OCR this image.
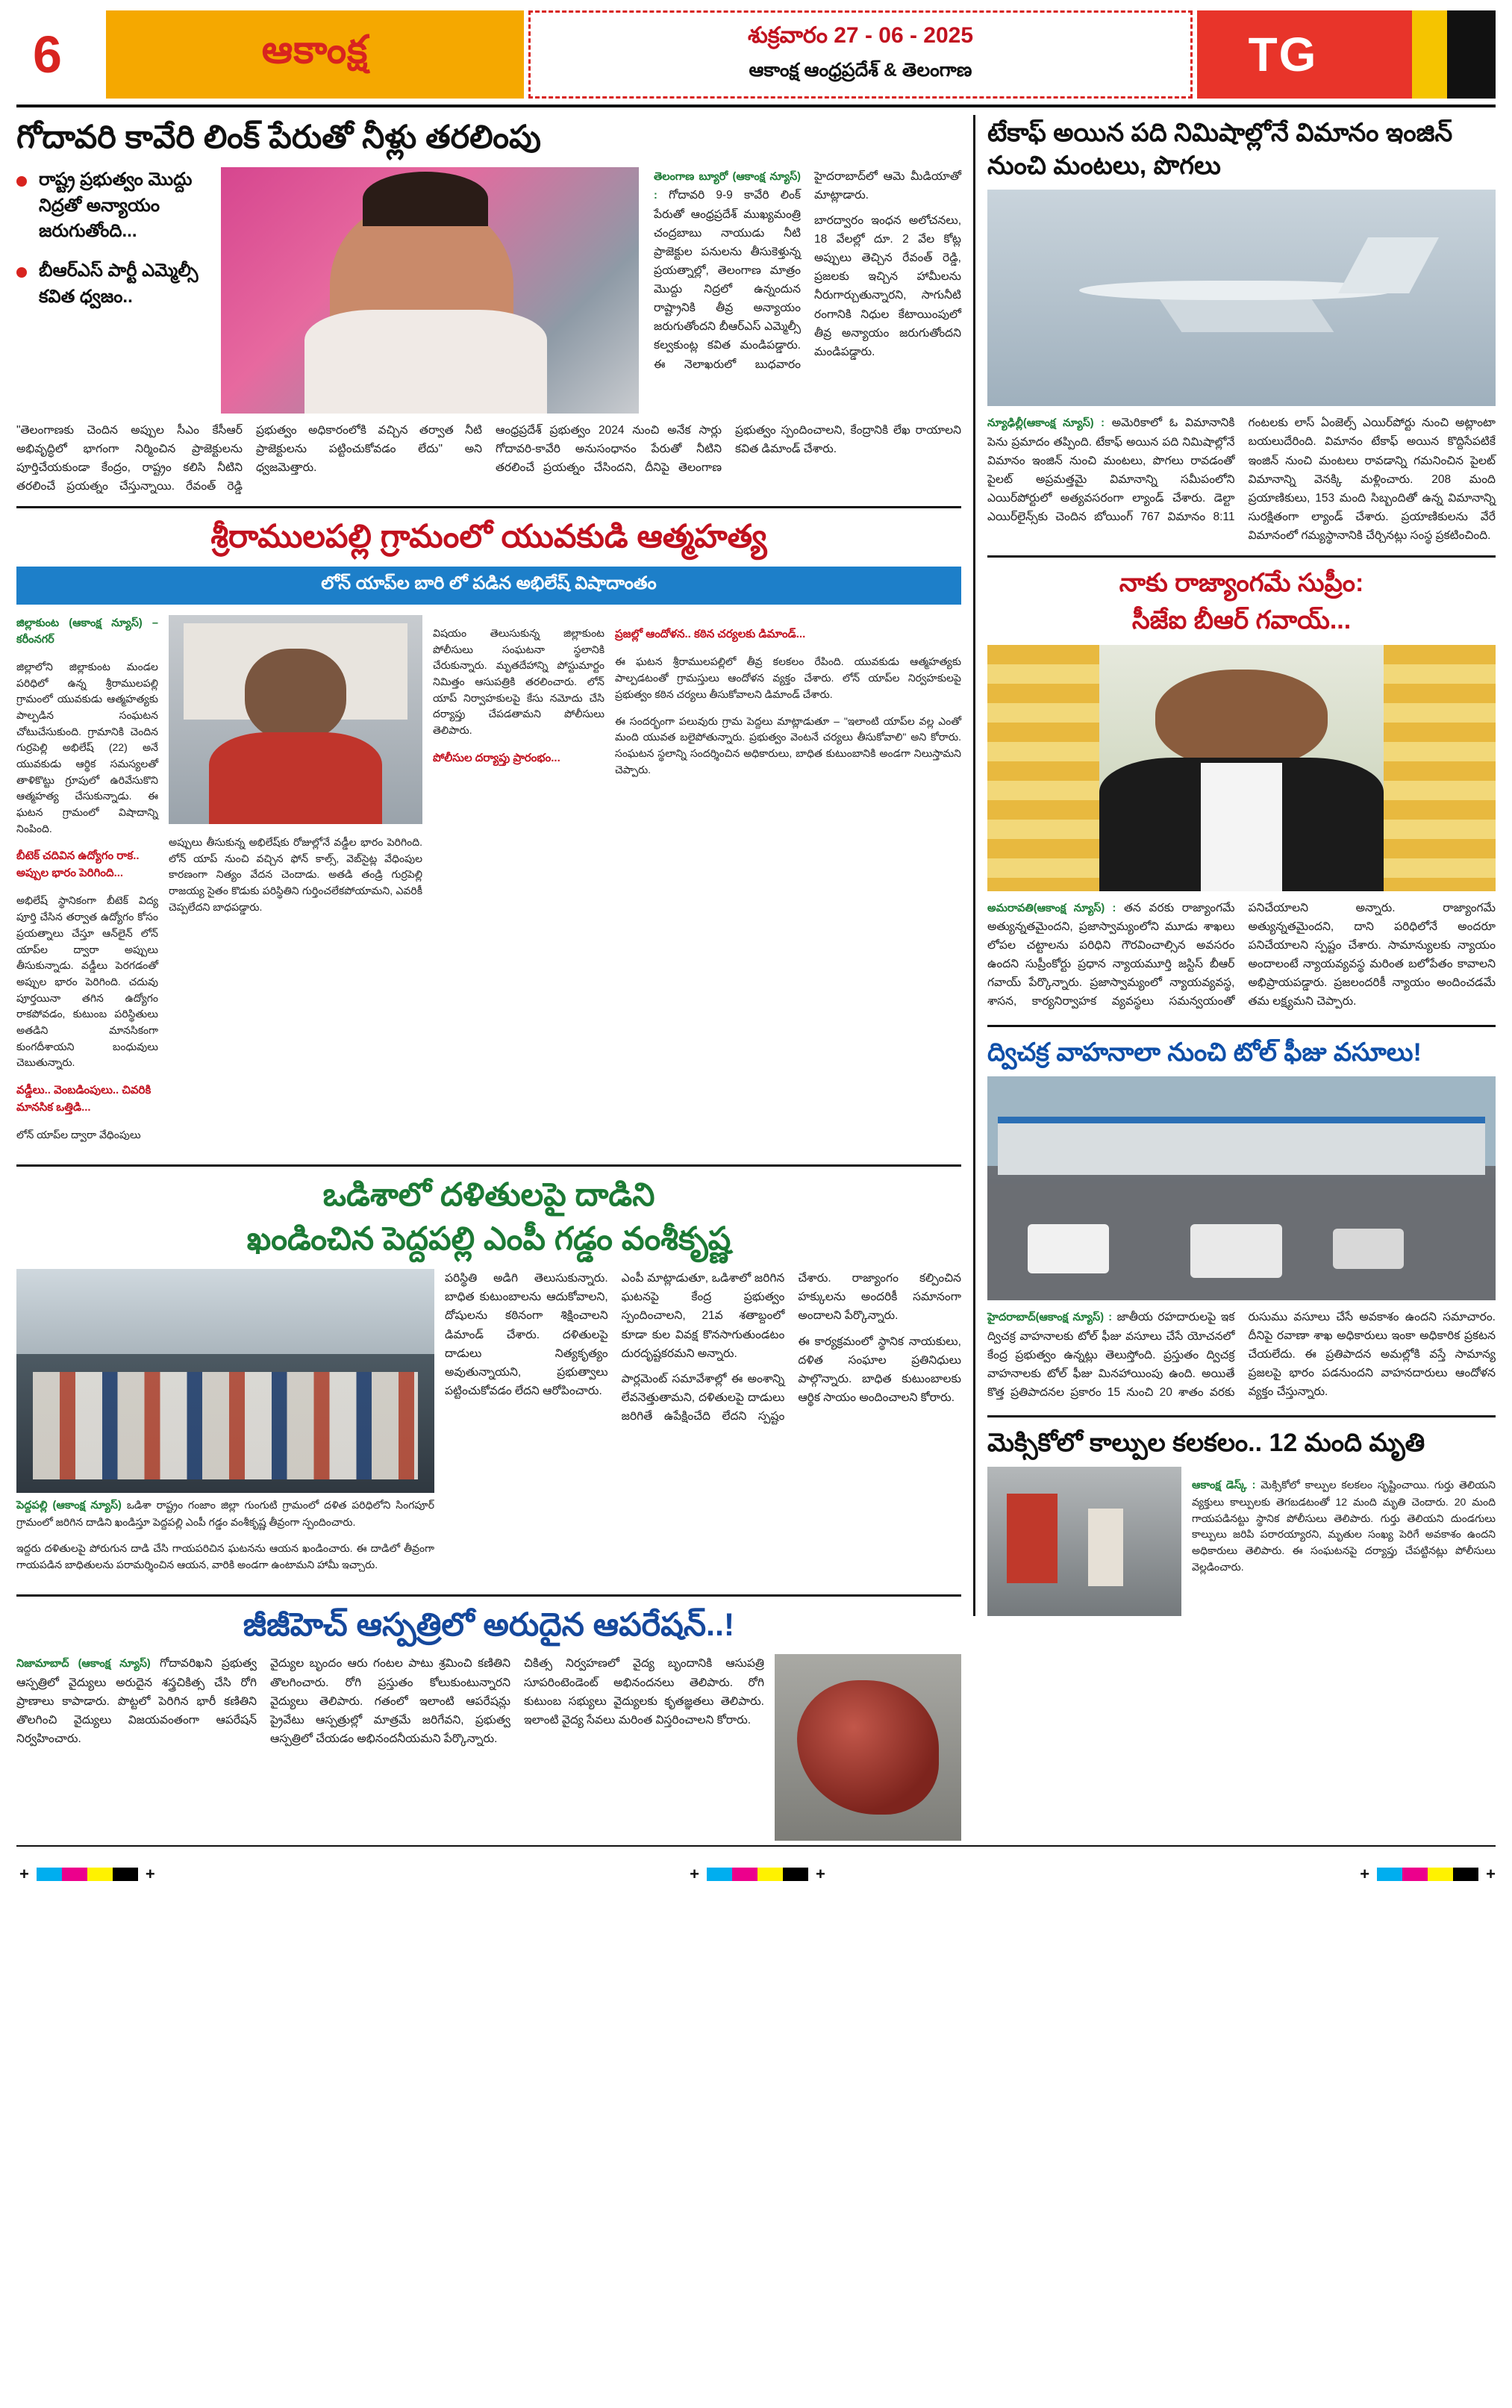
6	ఆకాంక్ష	శుక్రవారం 27 - 06 - 2025
ఆకాంక్ష ఆంధ్రప్రదేశ్ & తెలంగాణ	TG
గోదావరి కావేరి లింక్ పేరుతో నీళ్లు తరలింపు
రాష్ట్ర ప్రభుత్వం మొద్దు నిద్రతో అన్యాయం జరుగుతోంది...
బీఆర్ఎస్ పార్టీ ఎమ్మెల్సీ కవిత ధ్వజం..

తెలంగాణ బ్యూరో (ఆకాంక్ష న్యూస్) : గోదావరి 9-9 కావేరి లింక్ పేరుతో ఆంధ్రప్రదేశ్ ముఖ్యమంత్రి చంద్రబాబు నాయుడు నీటి ప్రాజెక్టుల పనులను తీసుకెళ్తున్న ప్రయత్నాల్లో, తెలంగాణ మాత్రం మొద్దు నిద్రలో ఉన్నందున రాష్ట్రానికి తీవ్ర అన్యాయం జరుగుతోందని బీఆర్ఎస్ ఎమ్మెల్సీ కల్వకుంట్ల కవిత మండిపడ్డారు. ఈ నెలాఖరులో బుధవారం హైదరాబాద్‌లో ఆమె మీడియాతో మాట్లాడారు.

బారద్వారం ఇంధన అలోచనలు, 18 వేలల్లో దూ. 2 వేల కోట్ల అప్పులు తెచ్చిన రేవంత్ రెడ్డి, ప్రజలకు ఇచ్చిన హామీలను నీరుగార్చుతున్నారని, సాగునీటి రంగానికి నిధుల కేటాయింపులో తీవ్ర అన్యాయం జరుగుతోందని మండిపడ్డారు.

"తెలంగాణకు చెందిన అప్పుల సీఎం కేసీఆర్ అభివృద్ధిలో భాగంగా నిర్మించిన ప్రాజెక్టులను పూర్తిచేయకుండా కేంద్రం, రాష్ట్రం కలిసి నీటిని తరలించే ప్రయత్నం చేస్తున్నాయి. రేవంత్ రెడ్డి ప్రభుత్వం అధికారంలోకి వచ్చిన తర్వాత నీటి ప్రాజెక్టులను పట్టించుకోవడం లేదు" అని ధ్వజమెత్తారు.

ఆంధ్రప్రదేశ్ ప్రభుత్వం 2024 నుంచి అనేక సార్లు గోదావరి-కావేరి అనుసంధానం పేరుతో నీటిని తరలించే ప్రయత్నం చేసిందని, దీనిపై తెలంగాణ ప్రభుత్వం స్పందించాలని, కేంద్రానికి లేఖ రాయాలని కవిత డిమాండ్ చేశారు.

శ్రీరాములపల్లి గ్రామంలో యువకుడి ఆత్మహత్య
లోన్ యాప్‌ల బారి లో పడిన అభిలేష్ విషాదాంతం

జిల్లాకుంట (ఆకాంక్ష న్యూస్) – కరీంనగర్

జిల్లాలోని జిల్లాకుంట మండల పరిధిలో ఉన్న శ్రీరాములపల్లి గ్రామంలో యువకుడు ఆత్మహత్యకు పాల్పడిన సంఘటన చోటుచేసుకుంది. గ్రామానికి చెందిన గుర్రపెల్లి అభిలేష్ (22) అనే యువకుడు ఆర్థిక సమస్యలతో తాళికొట్టు గ్రూపులో ఉరివేసుకొని ఆత్మహత్య చేసుకున్నాడు. ఈ ఘటన గ్రామంలో విషాదాన్ని నింపింది.

బీటెక్ చదివిన ఉద్యోగం రాక.. అప్పుల భారం పెరిగింది...

అభిలేష్ స్థానికంగా బీటెక్ విద్య పూర్తి చేసిన తర్వాత ఉద్యోగం కోసం ప్రయత్నాలు చేస్తూ ఆన్‌లైన్ లోన్ యాప్‌ల ద్వారా అప్పులు తీసుకున్నాడు. వడ్డీలు పెరగడంతో అప్పుల భారం పెరిగింది. చదువు పూర్తయినా తగిన ఉద్యోగం రాకపోవడం, కుటుంబ పరిస్థితులు అతడిని మానసికంగా కుంగదీశాయని బంధువులు చెబుతున్నారు.

వడ్డీలు.. వెంబడింపులు.. చివరికి మానసిక ఒత్తిడి...

లోన్ యాప్‌ల ద్వారా వేధింపులు

అప్పులు తీసుకున్న అభిలేష్‌కు రోజుల్లోనే వడ్డీల భారం పెరిగింది. లోన్ యాప్ నుంచి వచ్చిన ఫోన్ కాల్స్, వెబ్‌సైట్ల వేధింపుల కారణంగా నిత్యం వేదన చెందాడు. అతడి తండ్రి గుర్రపెల్లి రాజయ్య సైతం కొడుకు పరిస్థితిని గుర్తించలేకపోయామని, ఎవరికీ చెప్పలేదని బాధపడ్డారు.

విషయం తెలుసుకున్న జిల్లాకుంట పోలీసులు సంఘటనా స్థలానికి చేరుకున్నారు. మృతదేహాన్ని పోస్టుమార్టం నిమిత్తం ఆసుపత్రికి తరలించారు. లోన్ యాప్ నిర్వాహకులపై కేసు నమోదు చేసి దర్యాప్తు చేపడతామని పోలీసులు తెలిపారు.

పోలీసుల దర్యాప్తు ప్రారంభం...

ప్రజల్లో ఆందోళన.. కఠిన చర్యలకు డిమాండ్...

ఈ ఘటన శ్రీరాములపల్లిలో తీవ్ర కలకలం రేపింది. యువకుడు ఆత్మహత్యకు పాల్పడటంతో గ్రామస్తులు ఆందోళన వ్యక్తం చేశారు. లోన్ యాప్‌ల నిర్వహకులపై ప్రభుత్వం కఠిన చర్యలు తీసుకోవాలని డిమాండ్ చేశారు.

ఈ సందర్భంగా పలువురు గ్రామ పెద్దలు మాట్లాడుతూ – "ఇలాంటి యాప్‌ల వల్ల ఎంతో మంది యువత బలైపోతున్నారు. ప్రభుత్వం వెంటనే చర్యలు తీసుకోవాలి" అని కోరారు. సంఘటన స్థలాన్ని సందర్శించిన అధికారులు, బాధిత కుటుంబానికి అండగా నిలుస్తామని చెప్పారు.

ఒడిశాలో దళితులపై దాడిని
ఖండించిన పెద్దపల్లి ఎంపీ గడ్డం వంశీకృష్ణ

పెద్దపల్లి (ఆకాంక్ష న్యూస్) ఒడిశా రాష్ట్రం గంజాం జిల్లా గుంగుటి గ్రామంలో దళిత పరిధిలోని సింగపూర్ గ్రామంలో జరిగిన దాడిని ఖండిస్తూ పెద్దపల్లి ఎంపీ గడ్డం వంశీకృష్ణ తీవ్రంగా స్పందించారు.

ఇద్దరు దళితులపై పోరుగున దాడి చేసి గాయపరిచిన ఘటనను ఆయన ఖండించారు. ఈ దాడిలో తీవ్రంగా గాయపడిన బాధితులను పరామర్శించిన ఆయన, వారికి అండగా ఉంటామని హామీ ఇచ్చారు.

పరిస్థితి అడిగి తెలుసుకున్నారు. బాధిత కుటుంబాలను ఆదుకోవాలని, దోషులను కఠినంగా శిక్షించాలని డిమాండ్ చేశారు. దళితులపై దాడులు నిత్యకృత్యం అవుతున్నాయని, ప్రభుత్వాలు పట్టించుకోవడం లేదని ఆరోపించారు.

ఎంపీ మాట్లాడుతూ, ఒడిశాలో జరిగిన ఘటనపై కేంద్ర ప్రభుత్వం స్పందించాలని, 21వ శతాబ్దంలో కూడా కుల వివక్ష కొనసాగుతుండటం దురదృష్టకరమని అన్నారు.

పార్లమెంట్ సమావేశాల్లో ఈ అంశాన్ని లేవనెత్తుతామని, దళితులపై దాడులు జరిగితే ఉపేక్షించేది లేదని స్పష్టం చేశారు. రాజ్యాంగం కల్పించిన హక్కులను అందరికీ సమానంగా అందాలని పేర్కొన్నారు.

ఈ కార్యక్రమంలో స్థానిక నాయకులు, దళిత సంఘాల ప్రతినిధులు పాల్గొన్నారు. బాధిత కుటుంబాలకు ఆర్థిక సాయం అందించాలని కోరారు.

జీజీహెచ్ ఆస్పత్రిలో అరుదైన ఆపరేషన్..!

నిజామాబాద్ (ఆకాంక్ష న్యూస్) గోదావరిఖని ప్రభుత్వ ఆస్పత్రిలో వైద్యులు అరుదైన శస్త్రచికిత్స చేసి రోగి ప్రాణాలు కాపాడారు. పొట్టలో పెరిగిన భారీ కణితిని తొలగించి వైద్యులు విజయవంతంగా ఆపరేషన్ నిర్వహించారు.

వైద్యుల బృందం ఆరు గంటల పాటు శ్రమించి కణితిని తొలగించారు. రోగి ప్రస్తుతం కోలుకుంటున్నారని వైద్యులు తెలిపారు. గతంలో ఇలాంటి ఆపరేషన్లు ప్రైవేటు ఆస్పత్రుల్లో మాత్రమే జరిగేవని, ప్రభుత్వ ఆస్పత్రిలో చేయడం అభినందనీయమని పేర్కొన్నారు.

చికిత్స నిర్వహణలో వైద్య బృందానికి ఆసుపత్రి సూపరింటెండెంట్ అభినందనలు తెలిపారు. రోగి కుటుంబ సభ్యులు వైద్యులకు కృతజ్ఞతలు తెలిపారు. ఇలాంటి వైద్య సేవలు మరింత విస్తరించాలని కోరారు.

టేకాఫ్ అయిన పది నిమిషాల్లోనే విమానం ఇంజిన్ నుంచి మంటలు, పొగలు

న్యూఢిల్లీ(ఆకాంక్ష న్యూస్) : అమెరికాలో ఓ విమానానికి పెను ప్రమాదం తప్పింది. టేకాఫ్ అయిన పది నిమిషాల్లోనే విమానం ఇంజిన్ నుంచి మంటలు, పొగలు రావడంతో పైలట్ అప్రమత్తమై విమానాన్ని సమీపంలోని ఎయిర్‌పోర్టులో అత్యవసరంగా ల్యాండ్ చేశారు. డెల్టా ఎయిర్‌లైన్స్‌కు చెందిన బోయింగ్ 767 విమానం 8:11 గంటలకు లాస్ ఏంజెల్స్ ఎయిర్‌పోర్టు నుంచి అట్లాంటా బయలుదేరింది. విమానం టేకాఫ్ అయిన కొద్దిసేపటికే ఇంజిన్ నుంచి మంటలు రావడాన్ని గమనించిన పైలట్ విమానాన్ని వెనక్కి మళ్లించారు. 208 మంది ప్రయాణికులు, 153 మంది సిబ్బందితో ఉన్న విమానాన్ని సురక్షితంగా ల్యాండ్ చేశారు. ప్రయాణికులను వేరే విమానంలో గమ్యస్థానానికి చేర్చినట్లు సంస్థ ప్రకటించింది.

నాకు రాజ్యాంగమే సుప్రీం:
సీజేఐ బీఆర్ గవాయ్...

అమరావతి(ఆకాంక్ష న్యూస్) : తన వరకు రాజ్యాంగమే అత్యున్నతమైందని, ప్రజాస్వామ్యంలోని మూడు శాఖలు లోపల చట్టాలను పరిధిని గౌరవించాల్సిన అవసరం ఉందని సుప్రీంకోర్టు ప్రధాన న్యాయమూర్తి జస్టిస్ బీఆర్ గవాయ్ పేర్కొన్నారు. ప్రజాస్వామ్యంలో న్యాయవ్యవస్థ, శాసన, కార్యనిర్వాహక వ్యవస్థలు సమన్వయంతో పనిచేయాలని అన్నారు. రాజ్యాంగమే అత్యున్నతమైందని, దాని పరిధిలోనే అందరూ పనిచేయాలని స్పష్టం చేశారు. సామాన్యులకు న్యాయం అందాలంటే న్యాయవ్యవస్థ మరింత బలోపేతం కావాలని అభిప్రాయపడ్డారు. ప్రజలందరికీ న్యాయం అందించడమే తమ లక్ష్యమని చెప్పారు.

ద్విచక్ర వాహనాలా నుంచి టోల్ ఫీజు వసూలు!

హైదరాబాద్(ఆకాంక్ష న్యూస్) : జాతీయ రహదారులపై ఇక ద్విచక్ర వాహనాలకు టోల్ ఫీజు వసూలు చేసే యోచనలో కేంద్ర ప్రభుత్వం ఉన్నట్లు తెలుస్తోంది. ప్రస్తుతం ద్విచక్ర వాహనాలకు టోల్ ఫీజు మినహాయింపు ఉంది. అయితే కొత్త ప్రతిపాదనల ప్రకారం 15 నుంచి 20 శాతం వరకు రుసుము వసూలు చేసే అవకాశం ఉందని సమాచారం. దీనిపై రవాణా శాఖ అధికారులు ఇంకా అధికారిక ప్రకటన చేయలేదు. ఈ ప్రతిపాదన అమల్లోకి వస్తే సామాన్య ప్రజలపై భారం పడనుందని వాహనదారులు ఆందోళన వ్యక్తం చేస్తున్నారు.

మెక్సికోలో కాల్పుల కలకలం.. 12 మంది మృతి

ఆకాంక్ష డెస్క్ : మెక్సికోలో కాల్పుల కలకలం సృష్టించాయి. గుర్తు తెలియని వ్యక్తులు కాల్పులకు తెగబడటంతో 12 మంది మృతి చెందారు. 20 మంది గాయపడినట్టు స్థానిక పోలీసులు తెలిపారు. గుర్తు తెలియని దుండగులు కాల్పులు జరిపి పరారయ్యారని, మృతుల సంఖ్య పెరిగే అవకాశం ఉందని అధికారులు తెలిపారు. ఈ సంఘటనపై దర్యాప్తు చేపట్టినట్లు పోలీసులు వెల్లడించారు.

+	+	+	+	+	+
